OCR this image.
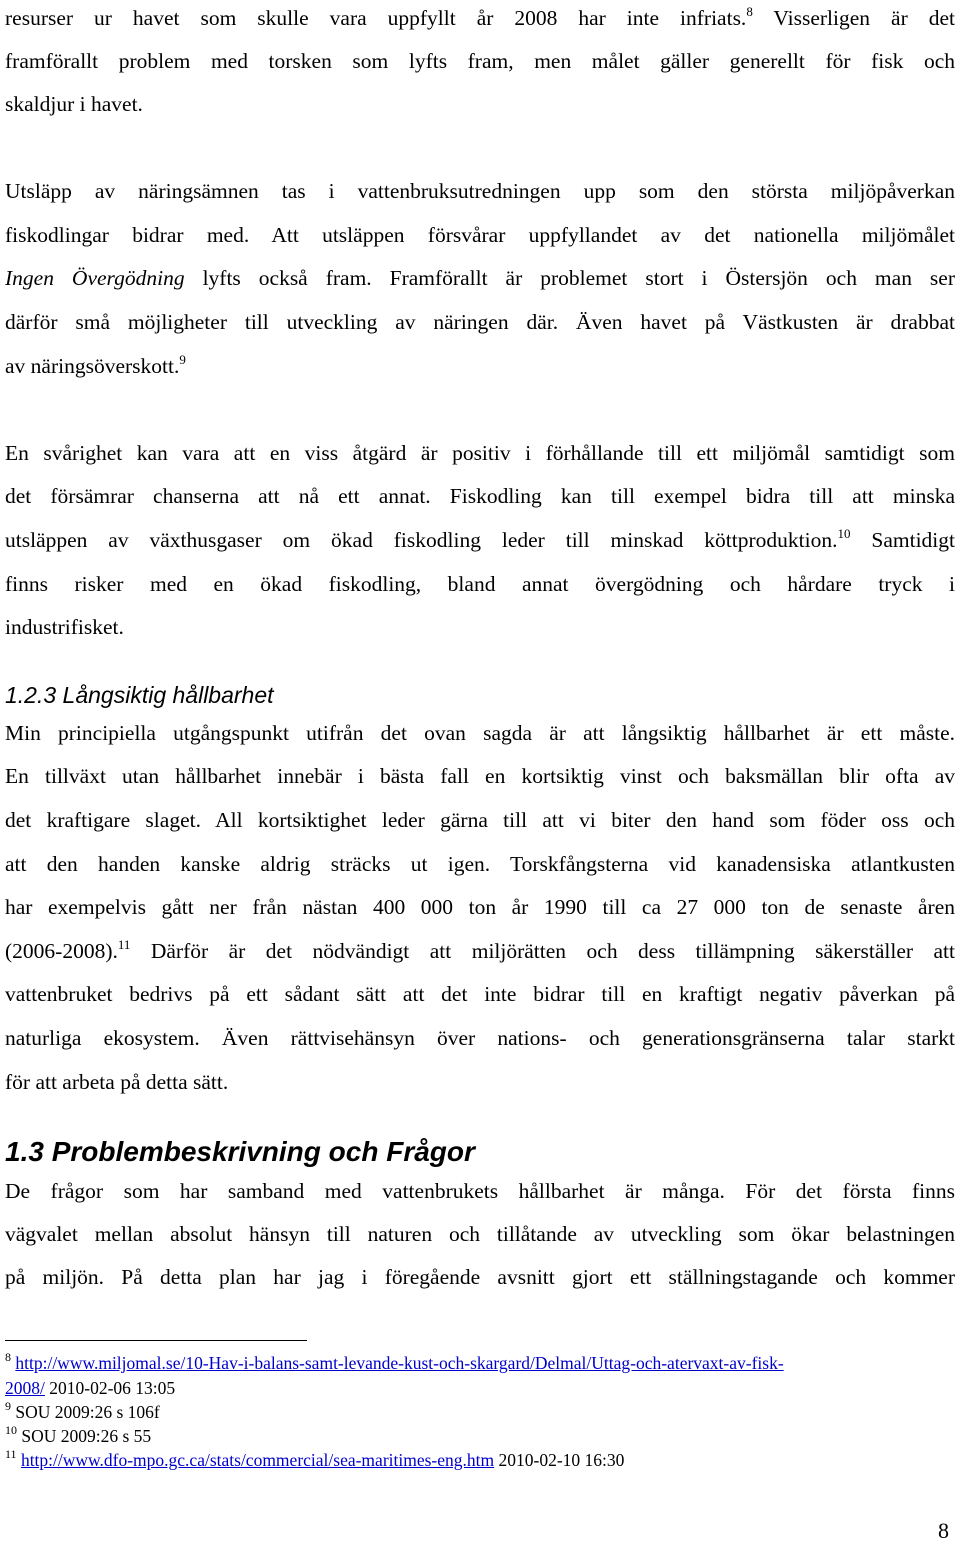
resurser ur havet som skulle vara uppfyllt år 2008 har inte infriats.$^8$ Visserligen är det
framförallt problem med torsken som lyfts fram, men målet gäller generellt för fisk och
skaldjur i havet.
Utsläpp av näringsämnen tas i vattenbruksutredningen upp som den största miljöpåverkan
fiskodlingar bidrar med. Att utsläppen försvårar uppfyllandet av det nationella miljömålet
Ingen Övergödning lyfts också fram. Framförallt är problemet stort i Östersjön och man ser
därför små möjligheter till utveckling av näringen där. Även havet på Västkusten är drabbat
av näringsöverskott.$^9$
En svårighet kan vara att en viss åtgärd är positiv i förhållande till ett miljömål samtidigt som
det försämrar chanserna att nå ett annat. Fiskodling kan till exempel bidra till att minska
utsläppen av växthusgaser om ökad fiskodling leder till minskad köttproduktion.$^{10}$ Samtidigt
finns risker med en ökad fiskodling, bland annat övergödning och hårdare tryck i
industrifisket.
1.2.3 Långsiktig hållbarhet
Min principiella utgångspunkt utifrån det ovan sagda är att långsiktig hållbarhet är ett måste.
En tillväxt utan hållbarhet innebär i bästa fall en kortsiktig vinst och baksmällan blir ofta av
det kraftigare slaget. All kortsiktighet leder gärna till att vi biter den hand som föder oss och
att den handen kanske aldrig sträcks ut igen. Torskfångsterna vid kanadensiska atlantkusten
har exempelvis gått ner från nästan 400 000 ton år 1990 till ca 27 000 ton de senaste åren
(2006-2008).$^{11}$ Därför är det nödvändigt att miljörätten och dess tillämpning säkerställer att
vattenbruket bedrivs på ett sådant sätt att det inte bidrar till en kraftigt negativ påverkan på
naturliga ekosystem. Även rättvisehänsyn över nations- och generationsgränserna talar starkt
för att arbeta på detta sätt.
1.3 Problembeskrivning och Frågor
De frågor som har samband med vattenbrukets hållbarhet är många. För det första finns
vägvalet mellan absolut hänsyn till naturen och tillåtande av utveckling som ökar belastningen
på miljön. På detta plan har jag i föregående avsnitt gjort ett ställningstagande och kommer
$^8$ http://www.miljomal.se/10-Hav-i-balans-samt-levande-kust-och-skargard/Delmal/Uttag-och-atervaxt-av-fisk-
2008/ 2010-02-06 13:05
$^9$ SOU 2009:26 s 106f
$^{10}$ SOU 2009:26 s 55
$^{11}$ http://www.dfo-mpo.gc.ca/stats/commercial/sea-maritimes-eng.htm 2010-02-10 16:30
8
